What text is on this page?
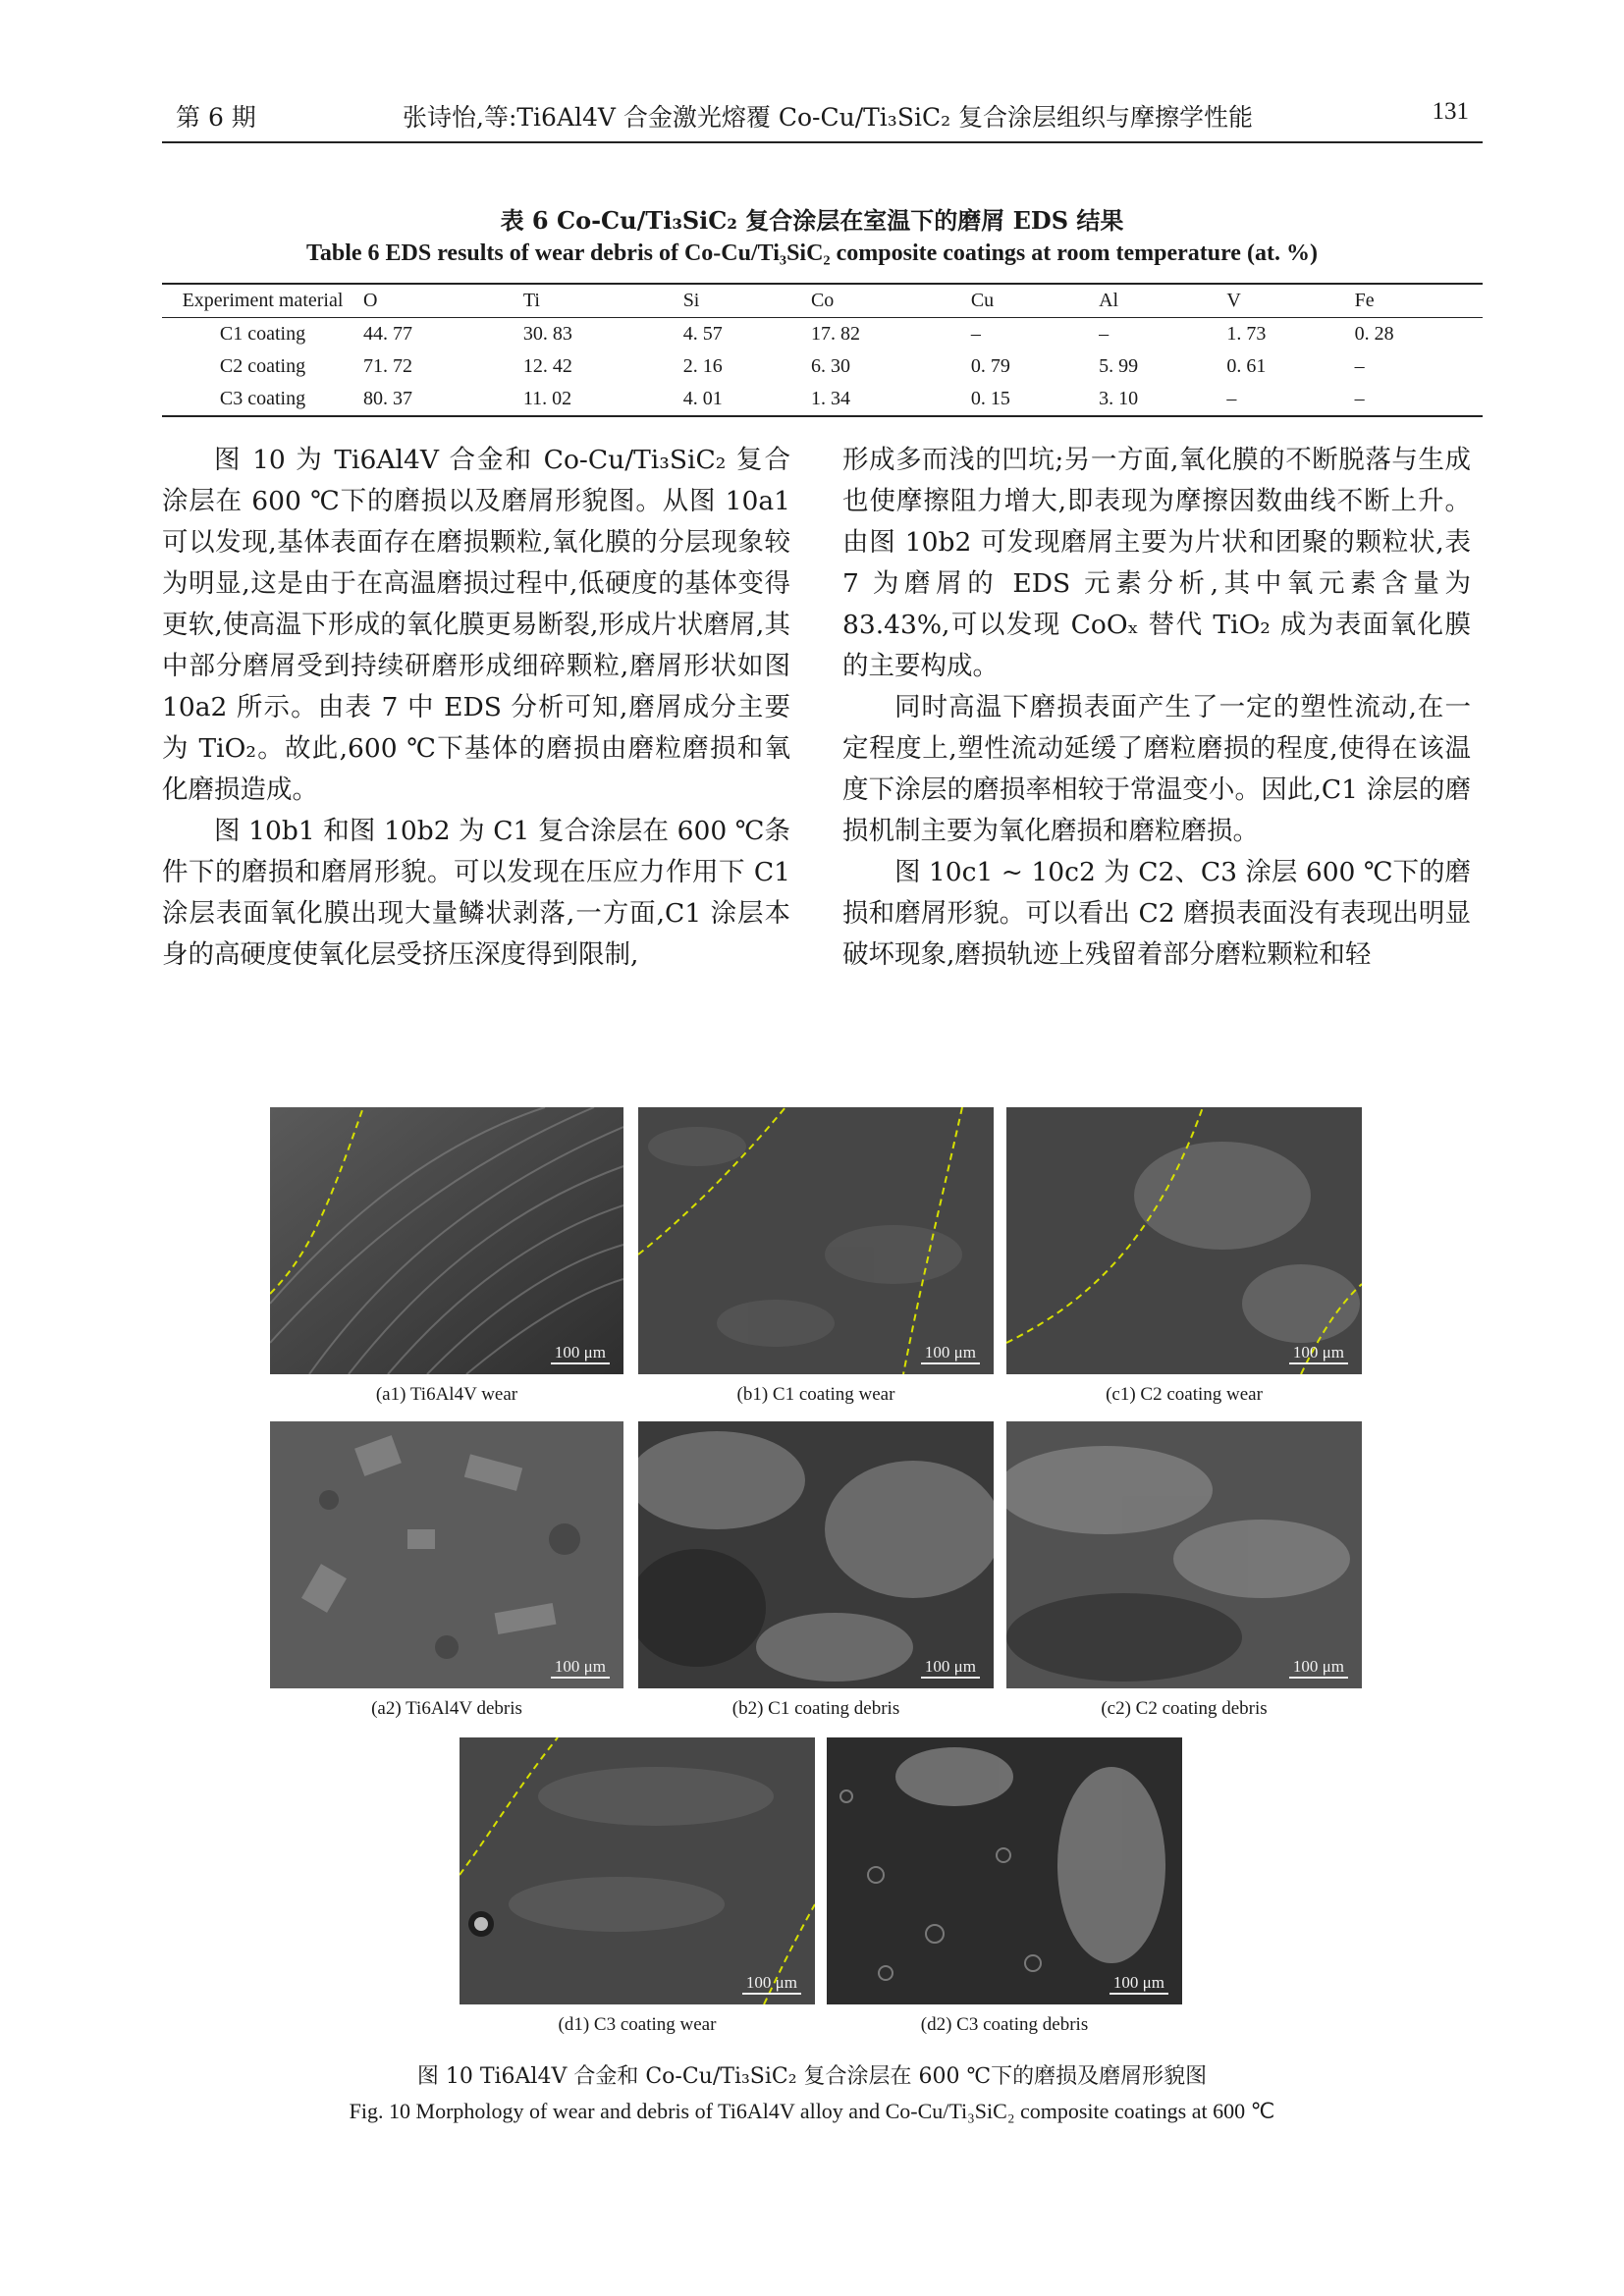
第 6 期	张诗怡,等:Ti6Al4V 合金激光熔覆 Co-Cu/Ti₃SiC₂ 复合涂层组织与摩擦学性能	131
表 6 Co-Cu/Ti₃SiC₂ 复合涂层在室温下的磨屑 EDS 结果
Table 6 EDS results of wear debris of Co-Cu/Ti₃SiC₂ composite coatings at room temperature (at. %)
Experiment material	O	Ti	Si	Co	Cu	Al	V	Fe
C1 coating	44. 77	30. 83	4. 57	17. 82	–	–	1. 73	0. 28
C2 coating	71. 72	12. 42	2. 16	6. 30	0. 79	5. 99	0. 61	–
C3 coating	80. 37	11. 02	4. 01	1. 34	0. 15	3. 10	–	–

图 10 为 Ti6Al4V 合金和 Co-Cu/Ti₃SiC₂ 复合涂层在 600 ℃下的磨损以及磨屑形貌图。从图 10a1 可以发现,基体表面存在磨损颗粒,氧化膜的分层现象较为明显,这是由于在高温磨损过程中,低硬度的基体变得更软,使高温下形成的氧化膜更易断裂,形成片状磨屑,其中部分磨屑受到持续研磨形成细碎颗粒,磨屑形状如图 10a2 所示。由表 7 中 EDS 分析可知,磨屑成分主要为 TiO₂。故此,600 ℃下基体的磨损由磨粒磨损和氧化磨损造成。

图 10b1 和图 10b2 为 C1 复合涂层在 600 ℃条件下的磨损和磨屑形貌。可以发现在压应力作用下 C1 涂层表面氧化膜出现大量鳞状剥落,一方面,C1 涂层本身的高硬度使氧化层受挤压深度得到限制,

形成多而浅的凹坑;另一方面,氧化膜的不断脱落与生成也使摩擦阻力增大,即表现为摩擦因数曲线不断上升。由图 10b2 可发现磨屑主要为片状和团聚的颗粒状,表 7 为磨屑的 EDS 元素分析,其中氧元素含量为 83.43%,可以发现 CoOₓ 替代 TiO₂ 成为表面氧化膜的主要构成。

同时高温下磨损表面产生了一定的塑性流动,在一定程度上,塑性流动延缓了磨粒磨损的程度,使得在该温度下涂层的磨损率相较于常温变小。因此,C1 涂层的磨损机制主要为氧化磨损和磨粒磨损。

图 10c1 ~ 10c2 为 C2、C3 涂层 600 ℃下的磨损和磨屑形貌。可以看出 C2 磨损表面没有表现出明显破坏现象,磨损轨迹上残留着部分磨粒颗粒和轻

100 μm
(a1) Ti6Al4V wear
100 μm
(b1) C1 coating wear
100 μm
(c1) C2 coating wear
100 μm
(a2) Ti6Al4V debris
100 μm
(b2) C1 coating debris
100 μm
(c2) C2 coating debris
100 μm
(d1) C3 coating wear
100 μm
(d2) C3 coating debris
图 10 Ti6Al4V 合金和 Co-Cu/Ti₃SiC₂ 复合涂层在 600 ℃下的磨损及磨屑形貌图
Fig. 10 Morphology of wear and debris of Ti6Al4V alloy and Co-Cu/Ti₃SiC₂ composite coatings at 600 ℃
